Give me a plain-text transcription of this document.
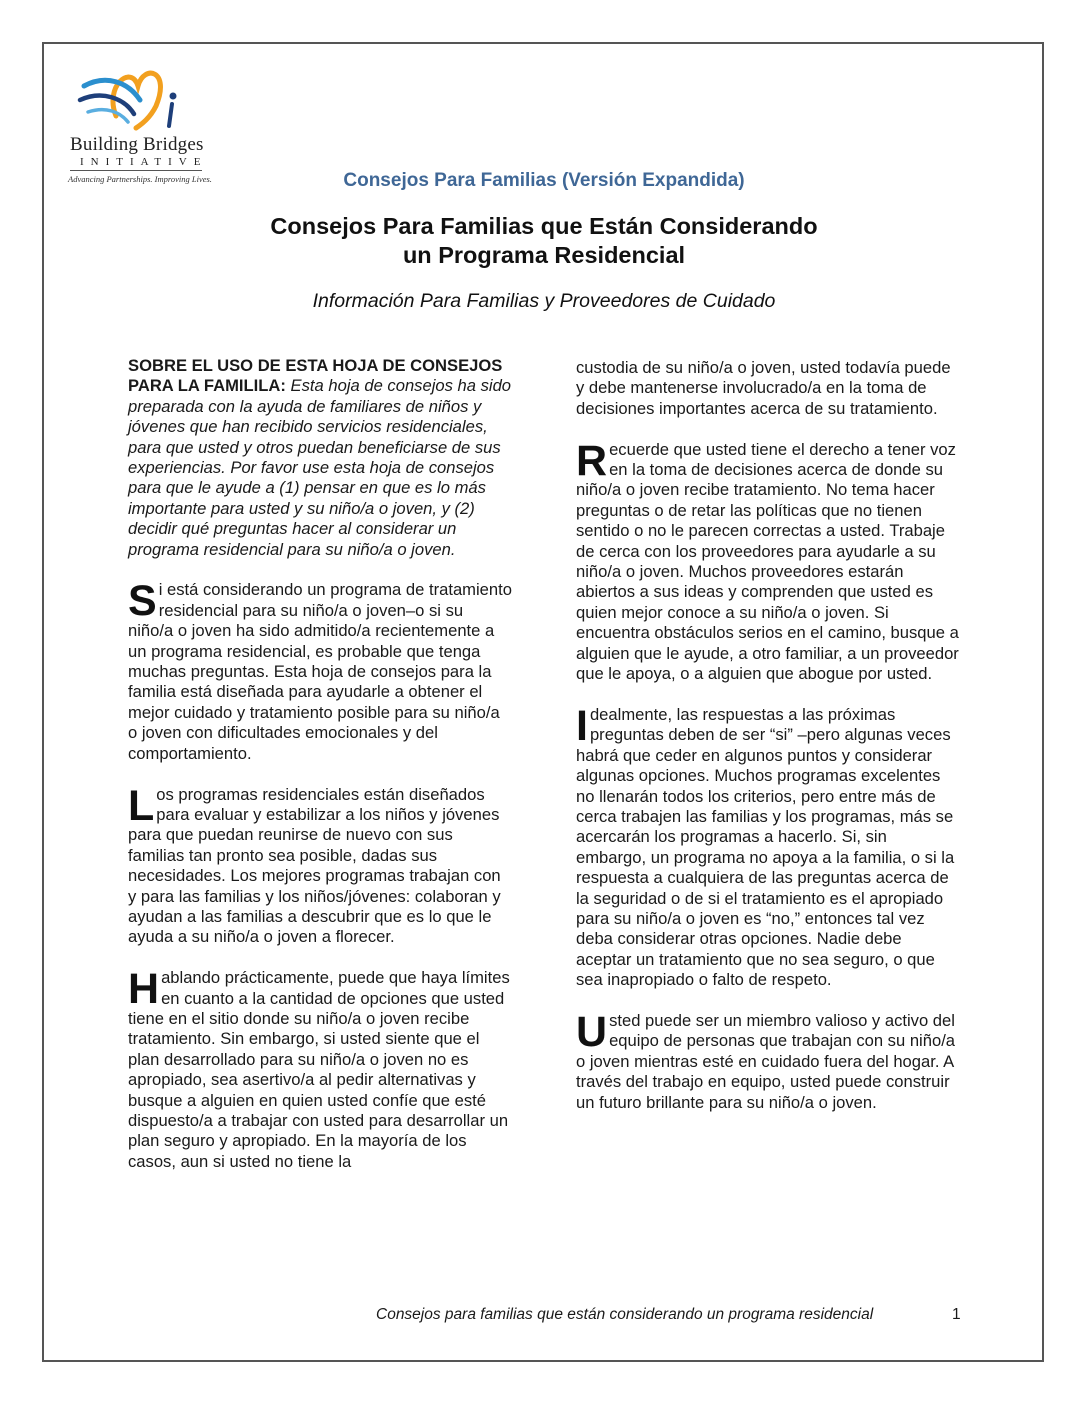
Building Bridges
INITIATIVE
Advancing Partnerships. Improving Lives.	Consejos Para Familias (Versión Expandida)
Consejos Para Familias que Están Considerando
un Programa Residencial
Información Para Familias y Proveedores de Cuidado

SOBRE EL USO DE ESTA HOJA DE CONSEJOS PARA LA FAMILILA: Esta hoja de consejos ha sido preparada con la ayuda de familiares de niños y jóvenes que han recibido servicios residenciales, para que usted y otros puedan beneficiarse de sus experiencias. Por favor use esta hoja de consejos para que le ayude a (1) pensar en que es lo más importante para usted y su niño/a o joven, y (2) decidir qué preguntas hacer al considerar un programa residencial para su niño/a o joven.

Si está considerando un programa de tratamiento residencial para su niño/a o joven–o si su niño/a o joven ha sido admitido/a recientemente a un programa residencial, es probable que tenga muchas preguntas. Esta hoja de consejos para la familia está diseñada para ayudarle a obtener el mejor cuidado y tratamiento posible para su niño/a o joven con dificultades emocionales y del comportamiento.

Los programas residenciales están diseñados para evaluar y estabilizar a los niños y jóvenes para que puedan reunirse de nuevo con sus familias tan pronto sea posible, dadas sus necesidades. Los mejores programas trabajan con y para las familias y los niños/jóvenes: colaboran y ayudan a las familias a descubrir que es lo que le ayuda a su niño/a o joven a florecer.

Hablando prácticamente, puede que haya límites en cuanto a la cantidad de opciones que usted tiene en el sitio donde su niño/a o joven recibe tratamiento. Sin embargo, si usted siente que el plan desarrollado para su niño/a o joven no es apropiado, sea asertivo/a al pedir alternativas y busque a alguien en quien usted confíe que esté dispuesto/a a trabajar con usted para desarrollar un plan seguro y apropiado. En la mayoría de los casos, aun si usted no tiene la

custodia de su niño/a o joven, usted todavía puede y debe mantenerse involucrado/a en la toma de decisiones importantes acerca de su tratamiento.

Recuerde que usted tiene el derecho a tener voz en la toma de decisiones acerca de donde su niño/a o joven recibe tratamiento. No tema hacer preguntas o de retar las políticas que no tienen sentido o no le parecen correctas a usted. Trabaje de cerca con los proveedores para ayudarle a su niño/a o joven. Muchos proveedores estarán abiertos a sus ideas y comprenden que usted es quien mejor conoce a su niño/a o joven. Si encuentra obstáculos serios en el camino, busque a alguien que le ayude, a otro familiar, a un proveedor que le apoya, o a alguien que abogue por usted.

Idealmente, las respuestas a las próximas preguntas deben de ser “si” –pero algunas veces habrá que ceder en algunos puntos y considerar algunas opciones. Muchos programas excelentes no llenarán todos los criterios, pero entre más de cerca trabajen las familias y los programas, más se acercarán los programas a hacerlo. Si, sin embargo, un programa no apoya a la familia, o si la respuesta a cualquiera de las preguntas acerca de la seguridad o de si el tratamiento es el apropiado para su niño/a o joven es “no,” entonces tal vez deba considerar otras opciones. Nadie debe aceptar un tratamiento que no sea seguro, o que sea inapropiado o falto de respeto.

Usted puede ser un miembro valioso y activo del equipo de personas que trabajan con su niño/a o joven mientras esté en cuidado fuera del hogar. A través del trabajo en equipo, usted puede construir un futuro brillante para su niño/a o joven.

Consejos para familias que están considerando un programa residencial	1
